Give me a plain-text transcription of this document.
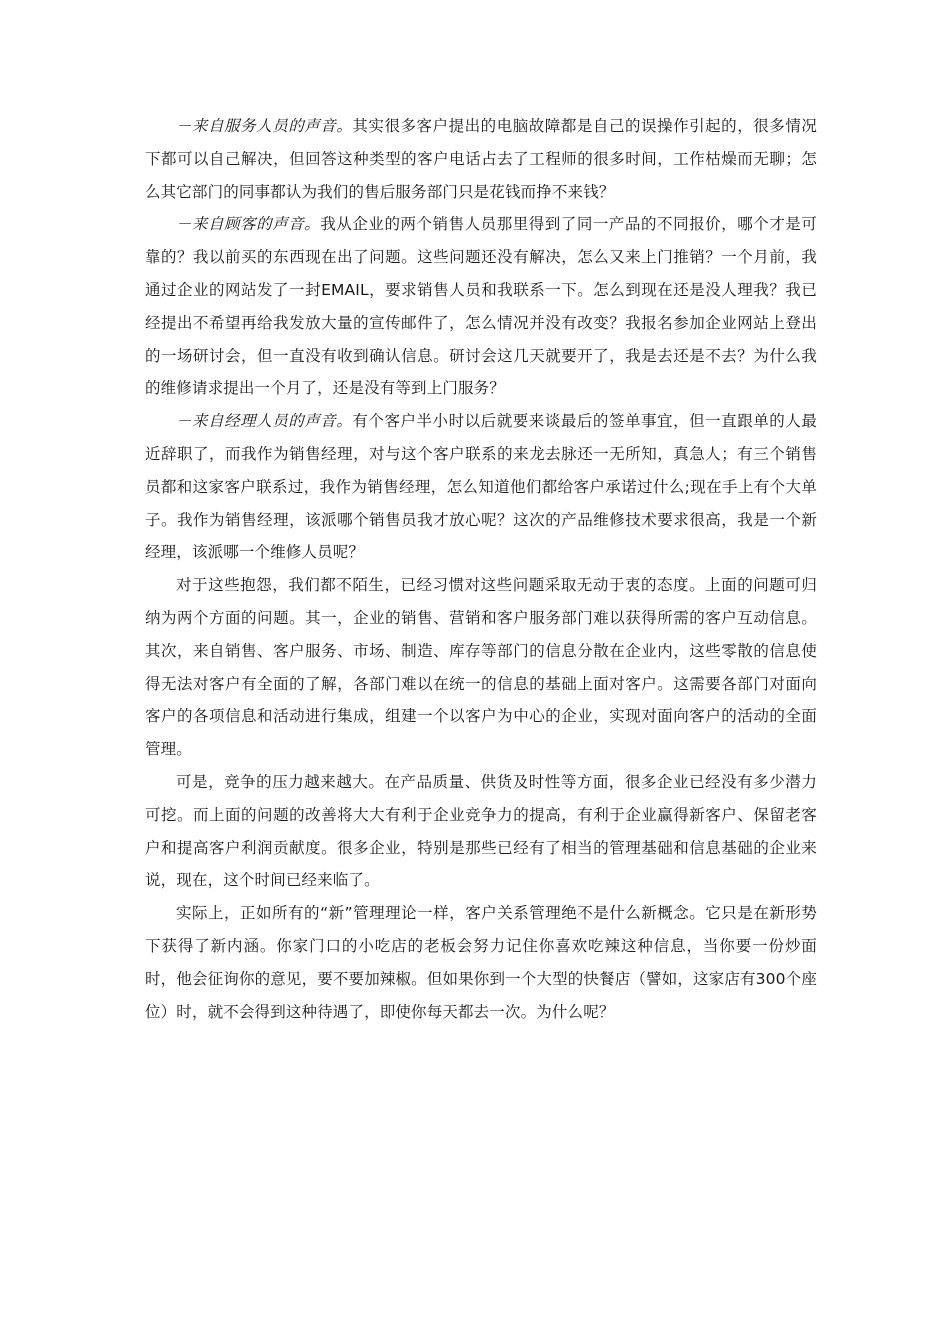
－来自服务人员的声音。其实很多客户提出的电脑故障都是自己的误操作引起的，很多情况下都可以自己解决，但回答这种类型的客户电话占去了工程师的很多时间，工作枯燥而无聊；怎么其它部门的同事都认为我们的售后服务部门只是花钱而挣不来钱？

－来自顾客的声音。我从企业的两个销售人员那里得到了同一产品的不同报价，哪个才是可靠的？我以前买的东西现在出了问题。这些问题还没有解决，怎么又来上门推销？一个月前，我通过企业的网站发了一封EMAIL，要求销售人员和我联系一下。怎么到现在还是没人理我？我已经提出不希望再给我发放大量的宣传邮件了，怎么情况并没有改变？我报名参加企业网站上登出的一场研讨会，但一直没有收到确认信息。研讨会这几天就要开了，我是去还是不去？为什么我的维修请求提出一个月了，还是没有等到上门服务？

－来自经理人员的声音。有个客户半小时以后就要来谈最后的签单事宜，但一直跟单的人最近辞职了，而我作为销售经理，对与这个客户联系的来龙去脉还一无所知，真急人；有三个销售员都和这家客户联系过，我作为销售经理，怎么知道他们都给客户承诺过什么;现在手上有个大单子。我作为销售经理，该派哪个销售员我才放心呢？这次的产品维修技术要求很高，我是一个新经理，该派哪一个维修人员呢？

对于这些抱怨，我们都不陌生，已经习惯对这些问题采取无动于衷的态度。上面的问题可归纳为两个方面的问题。其一，企业的销售、营销和客户服务部门难以获得所需的客户互动信息。其次，来自销售、客户服务、市场、制造、库存等部门的信息分散在企业内，这些零散的信息使得无法对客户有全面的了解，各部门难以在统一的信息的基础上面对客户。这需要各部门对面向客户的各项信息和活动进行集成，组建一个以客户为中心的企业，实现对面向客户的活动的全面管理。

可是，竞争的压力越来越大。在产品质量、供货及时性等方面，很多企业已经没有多少潜力可挖。而上面的问题的改善将大大有利于企业竞争力的提高，有利于企业赢得新客户、保留老客户和提高客户利润贡献度。很多企业，特别是那些已经有了相当的管理基础和信息基础的企业来说，现在，这个时间已经来临了。

实际上，正如所有的“新”管理理论一样，客户关系管理绝不是什么新概念。它只是在新形势下获得了新内涵。你家门口的小吃店的老板会努力记住你喜欢吃辣这种信息，当你要一份炒面时，他会征询你的意见，要不要加辣椒。但如果你到一个大型的快餐店（譬如，这家店有300个座位）时，就不会得到这种待遇了，即使你每天都去一次。为什么呢？
